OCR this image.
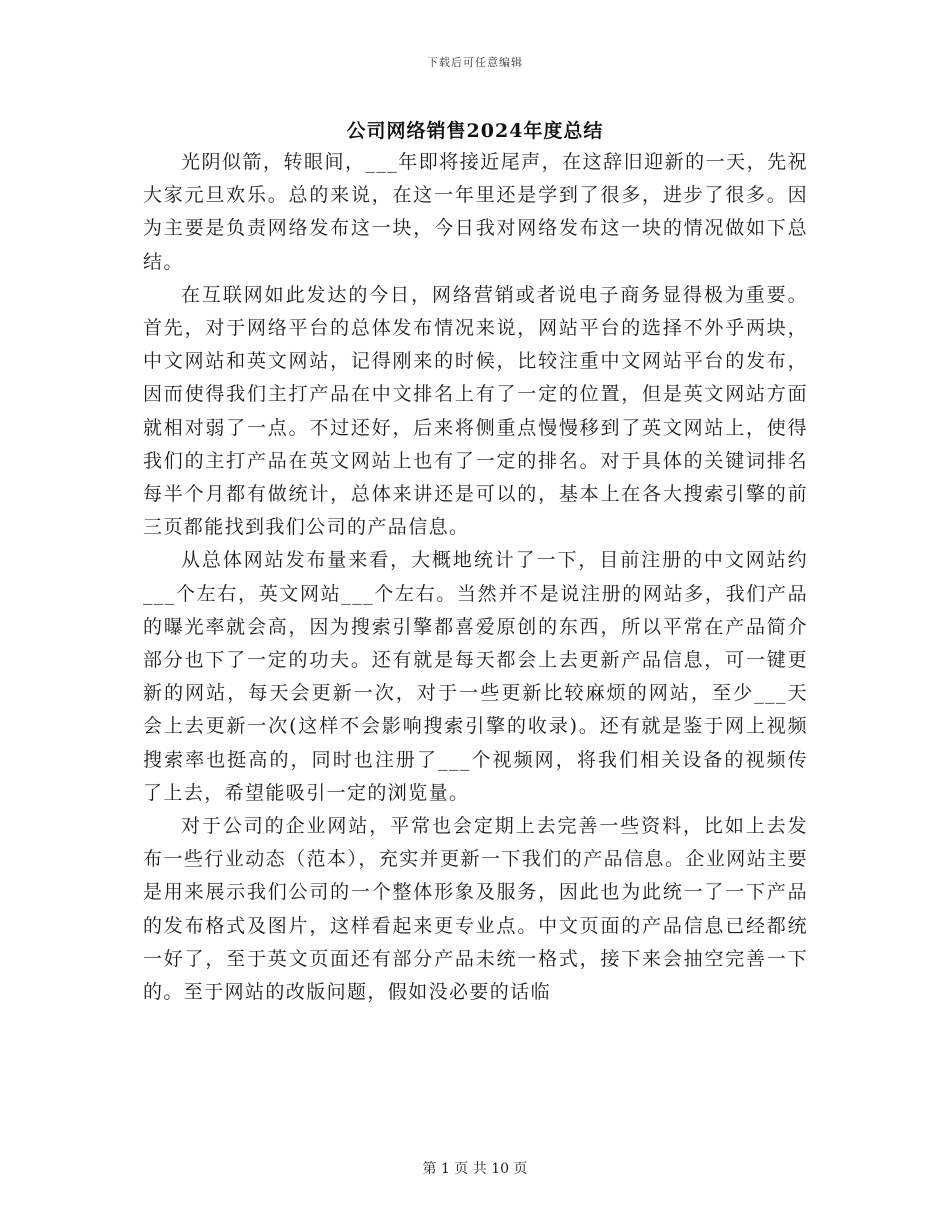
下载后可任意编辑
公司网络销售2024年度总结

光阴似箭，转眼间，___年即将接近尾声，在这辞旧迎新的一天，先祝大家元旦欢乐。总的来说，在这一年里还是学到了很多，进步了很多。因为主要是负责网络发布这一块，今日我对网络发布这一块的情况做如下总结。

在互联网如此发达的今日，网络营销或者说电子商务显得极为重要。首先，对于网络平台的总体发布情况来说，网站平台的选择不外乎两块，中文网站和英文网站，记得刚来的时候，比较注重中文网站平台的发布，因而使得我们主打产品在中文排名上有了一定的位置，但是英文网站方面就相对弱了一点。不过还好，后来将侧重点慢慢移到了英文网站上，使得我们的主打产品在英文网站上也有了一定的排名。对于具体的关键词排名每半个月都有做统计，总体来讲还是可以的，基本上在各大搜索引擎的前三页都能找到我们公司的产品信息。

从总体网站发布量来看，大概地统计了一下，目前注册的中文网站约___个左右，英文网站___个左右。当然并不是说注册的网站多，我们产品的曝光率就会高，因为搜索引擎都喜爱原创的东西，所以平常在产品简介部分也下了一定的功夫。还有就是每天都会上去更新产品信息，可一键更新的网站，每天会更新一次，对于一些更新比较麻烦的网站，至少___天会上去更新一次(这样不会影响搜索引擎的收录)。还有就是鉴于网上视频搜索率也挺高的，同时也注册了___个视频网，将我们相关设备的视频传了上去，希望能吸引一定的浏览量。

对于公司的企业网站，平常也会定期上去完善一些资料，比如上去发布一些行业动态（范本），充实并更新一下我们的产品信息。企业网站主要是用来展示我们公司的一个整体形象及服务，因此也为此统一了一下产品的发布格式及图片，这样看起来更专业点。中文页面的产品信息已经都统一好了，至于英文页面还有部分产品未统一格式，接下来会抽空完善一下的。至于网站的改版问题，假如没必要的话临

第 1 页 共 10 页
